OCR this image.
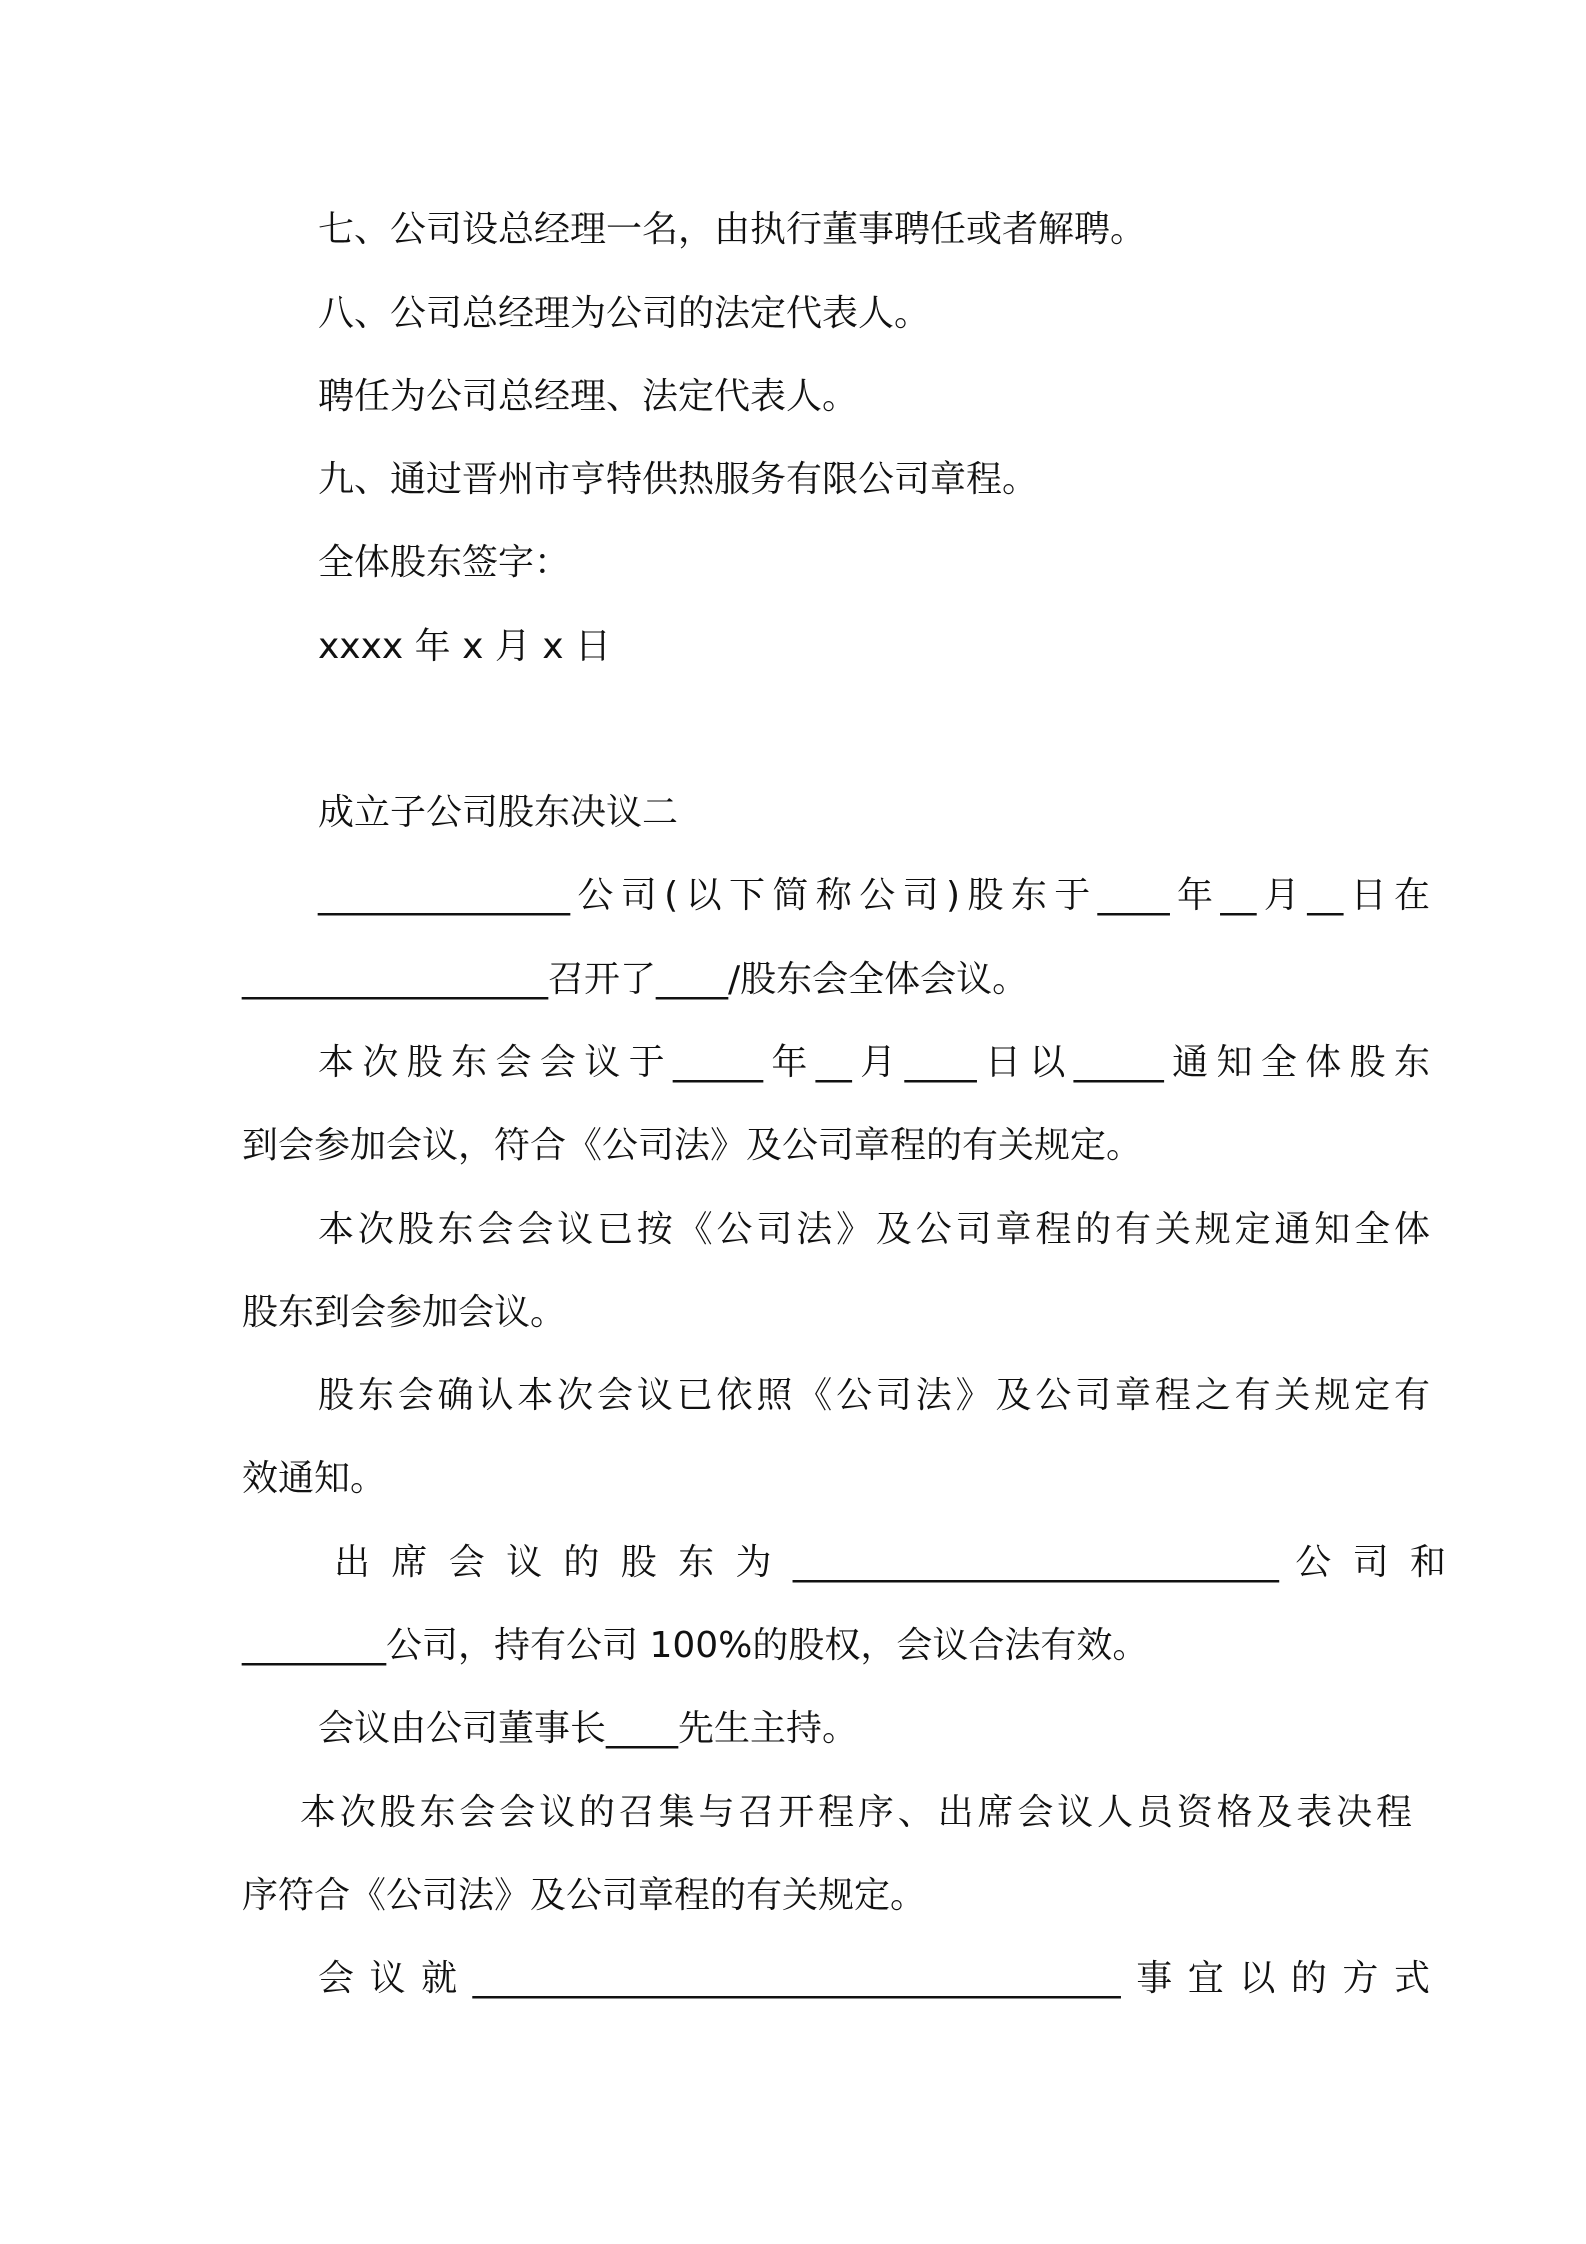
七、公司设总经理一名，由执行董事聘任或者解聘。

八、公司总经理为公司的法定代表人。

聘任为公司总经理、法定代表人。

九、通过晋州市亨特供热服务有限公司章程。

全体股东签字：

xxxx 年 x 月 x 日

成立子公司股东决议二

______________公司(以下简称公司)股东于____年__月__日在

_________________召开了____/股东会全体会议。

本次股东会会议于_____年__月____日以_____通知全体股东

到会参加会议，符合《公司法》及公司章程的有关规定。

本次股东会会议已按《公司法》及公司章程的有关规定通知全体

股东到会参加会议。

股东会确认本次会议已依照《公司法》及公司章程之有关规定有

效通知。

出 席 会 议 的 股 东 为 ___________________________ 公 司 和

________公司，持有公司 100%的股权，会议合法有效。

会议由公司董事长____先生主持。

本次股东会会议的召集与召开程序、出席会议人员资格及表决程

序符合《公司法》及公司章程的有关规定。

会议就____________________________________事宜以的方式
